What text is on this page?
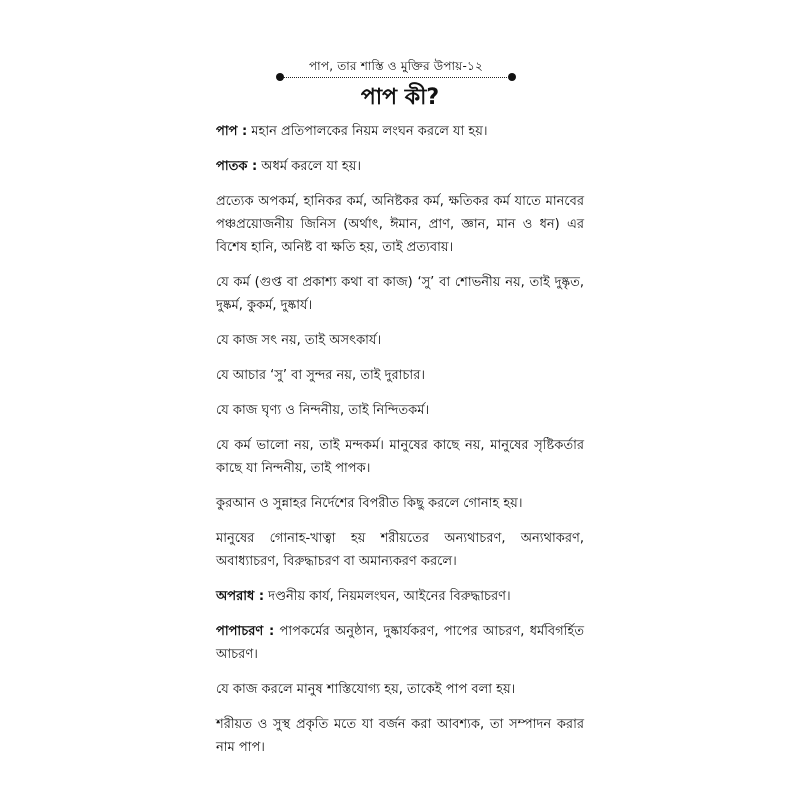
পাপ, তার শাস্তি ও মুক্তির উপায়-১২
পাপ কী?

পাপ : মহান প্রতিপালকের নিয়ম লংঘন করলে যা হয়।

পাতক : অধর্ম করলে যা হয়।

প্রত্যেক অপকর্ম, হানিকর কর্ম, অনিষ্টকর কর্ম, ক্ষতিকর কর্ম যাতে মানবের পঞ্চপ্রয়োজনীয় জিনিস (অর্থাৎ, ঈমান, প্রাণ, জ্ঞান, মান ও ধন) এর বিশেষ হানি, অনিষ্ট বা ক্ষতি হয়, তাই প্রত্যবায়।

যে কর্ম (গুপ্ত বা প্রকাশ্য কথা বা কাজ) ‘সু’ বা শোভনীয় নয়, তাই দুষ্কৃত, দুষ্কর্ম, কুকর্ম, দুষ্কার্য।

যে কাজ সৎ নয়, তাই অসৎকার্য।

যে আচার ‘সু’ বা সুন্দর নয়, তাই দুরাচার।

যে কাজ ঘৃণ্য ও নিন্দনীয়, তাই নিন্দিতকর্ম।

যে কর্ম ভালো নয়, তাই মন্দকর্ম। মানুষের কাছে নয়, মানুষের সৃষ্টিকর্তার কাছে যা নিন্দনীয়, তাই পাপক।

কুরআন ও সুন্নাহর নির্দেশের বিপরীত কিছু করলে গোনাহ হয়।

মানুষের গোনাহ-খাত্বা হয় শরীয়তের অন্যথাচরণ, অন্যথাকরণ, অবাধ্যাচরণ, বিরুদ্ধাচরণ বা অমান্যকরণ করলে।

অপরাধ : দণ্ডনীয় কার্য, নিয়মলংঘন, আইনের বিরুদ্ধাচরণ।

পাপাচরণ : পাপকর্মের অনুষ্ঠান, দুষ্কার্যকরণ, পাপের আচরণ, ধর্মবিগর্হিত আচরণ।

যে কাজ করলে মানুষ শাস্তিযোগ্য হয়, তাকেই পাপ বলা হয়।

শরীয়ত ও সুস্থ প্রকৃতি মতে যা বর্জন করা আবশ্যক, তা সম্পাদন করার নাম পাপ।
